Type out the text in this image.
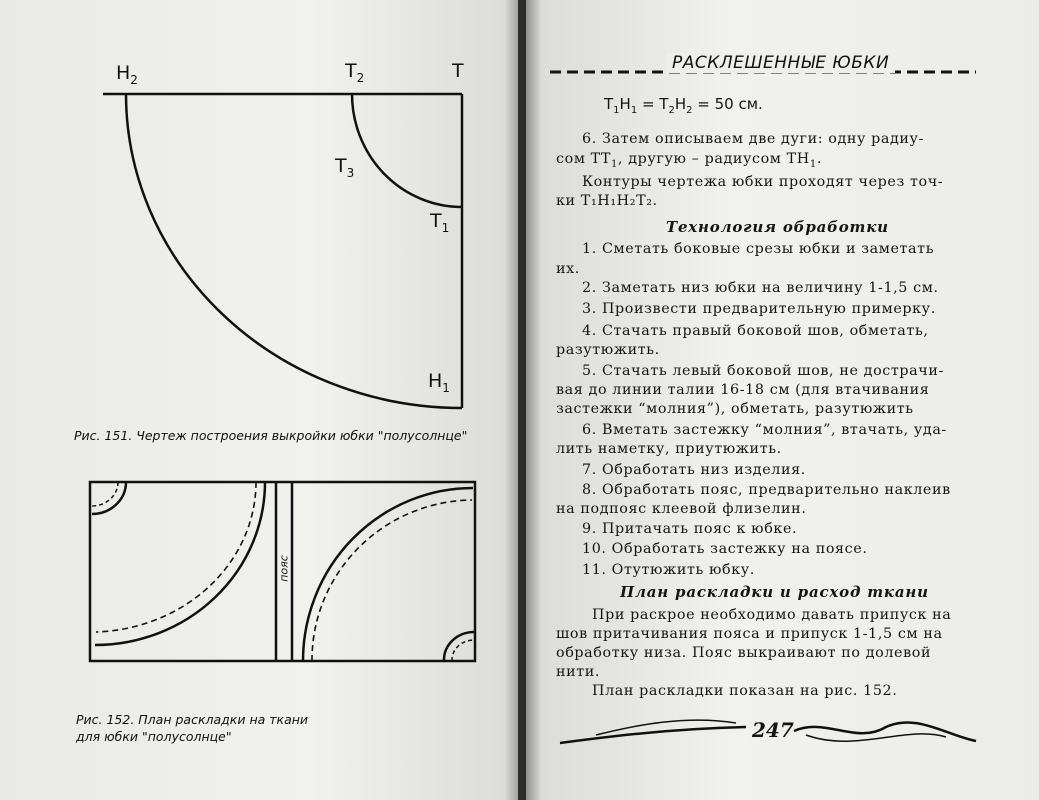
$Н_2$	$Т_2$	Т
$Т_3$
$Т_1$
$Н_1$
Рис. 151. Чертеж построения выкройки юбки "полусолнце"
пояс
Рис. 152. План раскладки на ткани
для юбки "полусолнце"
РАСКЛЕШЕННЫЕ ЮБКИ
$Т_1Н_1 = Т_2Н_2 = 50$ см.
6. Затем описываем две дуги: одну радиу-
сом $ТТ_1$, другую – радиусом $ТН_1$.
Контуры чертежа юбки проходят через точ-
ки Т₁Н₁Н₂Т₂.
Технология обработки
1. Сметать боковые срезы юбки и заметать
их.
2. Заметать низ юбки на величину 1-1,5 см.
3. Произвести предварительную примерку.
4. Стачать правый боковой шов, обметать,
разутюжить.
5. Стачать левый боковой шов, не дострачи-
вая до линии талии 16-18 см (для втачивания
застежки “молния”), обметать, разутюжить
6. Вметать застежку “молния”, втачать, уда-
лить наметку, приутюжить.
7. Обработать низ изделия.
8. Обработать пояс, предварительно наклеив
на подпояс клеевой флизелин.
9. Притачать пояс к юбке.
10. Обработать застежку на поясе.
11. Отутюжить юбку.
План раскладки и расход ткани
При раскрое необходимо давать припуск на
шов притачивания пояса и припуск 1-1,5 см на
обработку низа. Пояс выкраивают по долевой
нити.
План раскладки показан на рис. 152.
247
